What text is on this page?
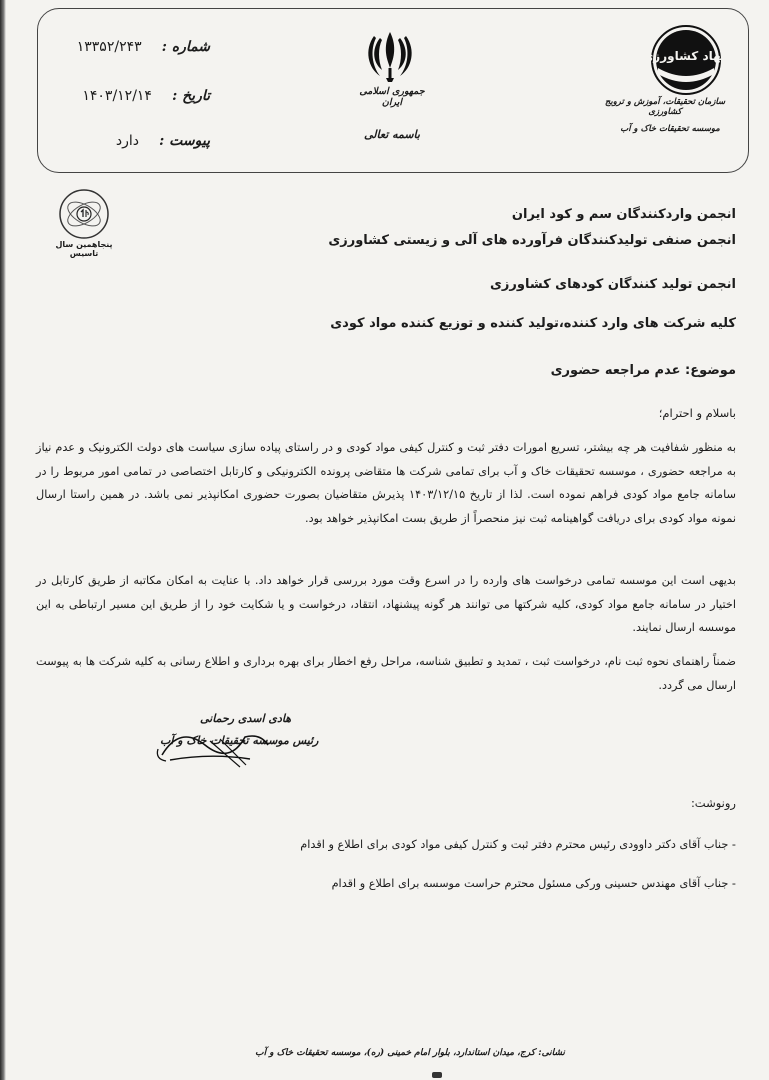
شماره : ۱۳۳۵۲/۲۴۳
تاریخ : ۱۴۰۳/۱۲/۱۴
پیوست : دارد
جمهوری اسلامی ایران
باسمه تعالی
جهاد کشاورزی
سازمان تحقیقات، آموزش و ترویج کشاورزی
موسسه تحقیقات خاک و آب
پنجاهمین سال تاسیس
انجمن واردکنندگان سم و کود ایران
انجمن صنفی تولیدکنندگان فرآورده های آلی و زیستی کشاورزی
انجمن تولید کنندگان کودهای کشاورزی
کلیه شرکت های وارد کننده،تولید کننده و توزیع کننده مواد کودی
موضوع: عدم مراجعه حضوری
باسلام و احترام؛

به منظور شفافیت هر چه بیشتر، تسریع امورات دفتر ثبت و کنترل کیفی مواد کودی و در راستای پیاده سازی سیاست های دولت الکترونیک و عدم نیاز به مراجعه حضوری ، موسسه تحقیقات خاک و آب برای تمامی شرکت ها متقاضی پرونده الکترونیکی و کارتابل اختصاصی در تمامی امور مربوط را در سامانه جامع مواد کودی فراهم نموده است. لذا از تاریخ ۱۴۰۳/۱۲/۱۵ پذیرش متقاضیان بصورت حضوری امکانپذیر نمی باشد. در همین راستا ارسال نمونه مواد کودی برای دریافت گواهینامه ثبت نیز منحصراً از طریق بست امکانپذیر خواهد بود.

بدیهی است این موسسه تمامی درخواست های وارده را در اسرع وقت مورد بررسی قرار خواهد داد. با عنایت به امکان مکاتبه از طریق کارتابل در اختیار در سامانه جامع مواد کودی، کلیه شرکتها می توانند هر گونه پیشنهاد، انتقاد، درخواست و یا شکایت خود را از طریق این مسیر ارتباطی به این موسسه ارسال نمایند.

ضمناً راهنمای نحوه ثبت نام، درخواست ثبت ، تمدید و تطبیق شناسه، مراحل رفع اخطار برای بهره برداری و اطلاع رسانی به کلیه شرکت ها به پیوست ارسال می گردد.

هادی اسدی رحمانی
رئیس موسسه تحقیقات خاک و آب
رونوشت:
- جناب آقای دکتر داوودی رئیس محترم دفتر ثبت و کنترل کیفی مواد کودی برای اطلاع و اقدام
- جناب آقای مهندس حسینی ورکی مسئول محترم حراست موسسه برای اطلاع و اقدام
نشانی: کرج، میدان استاندارد، بلوار امام خمینی (ره)، موسسه تحقیقات خاک و آب
